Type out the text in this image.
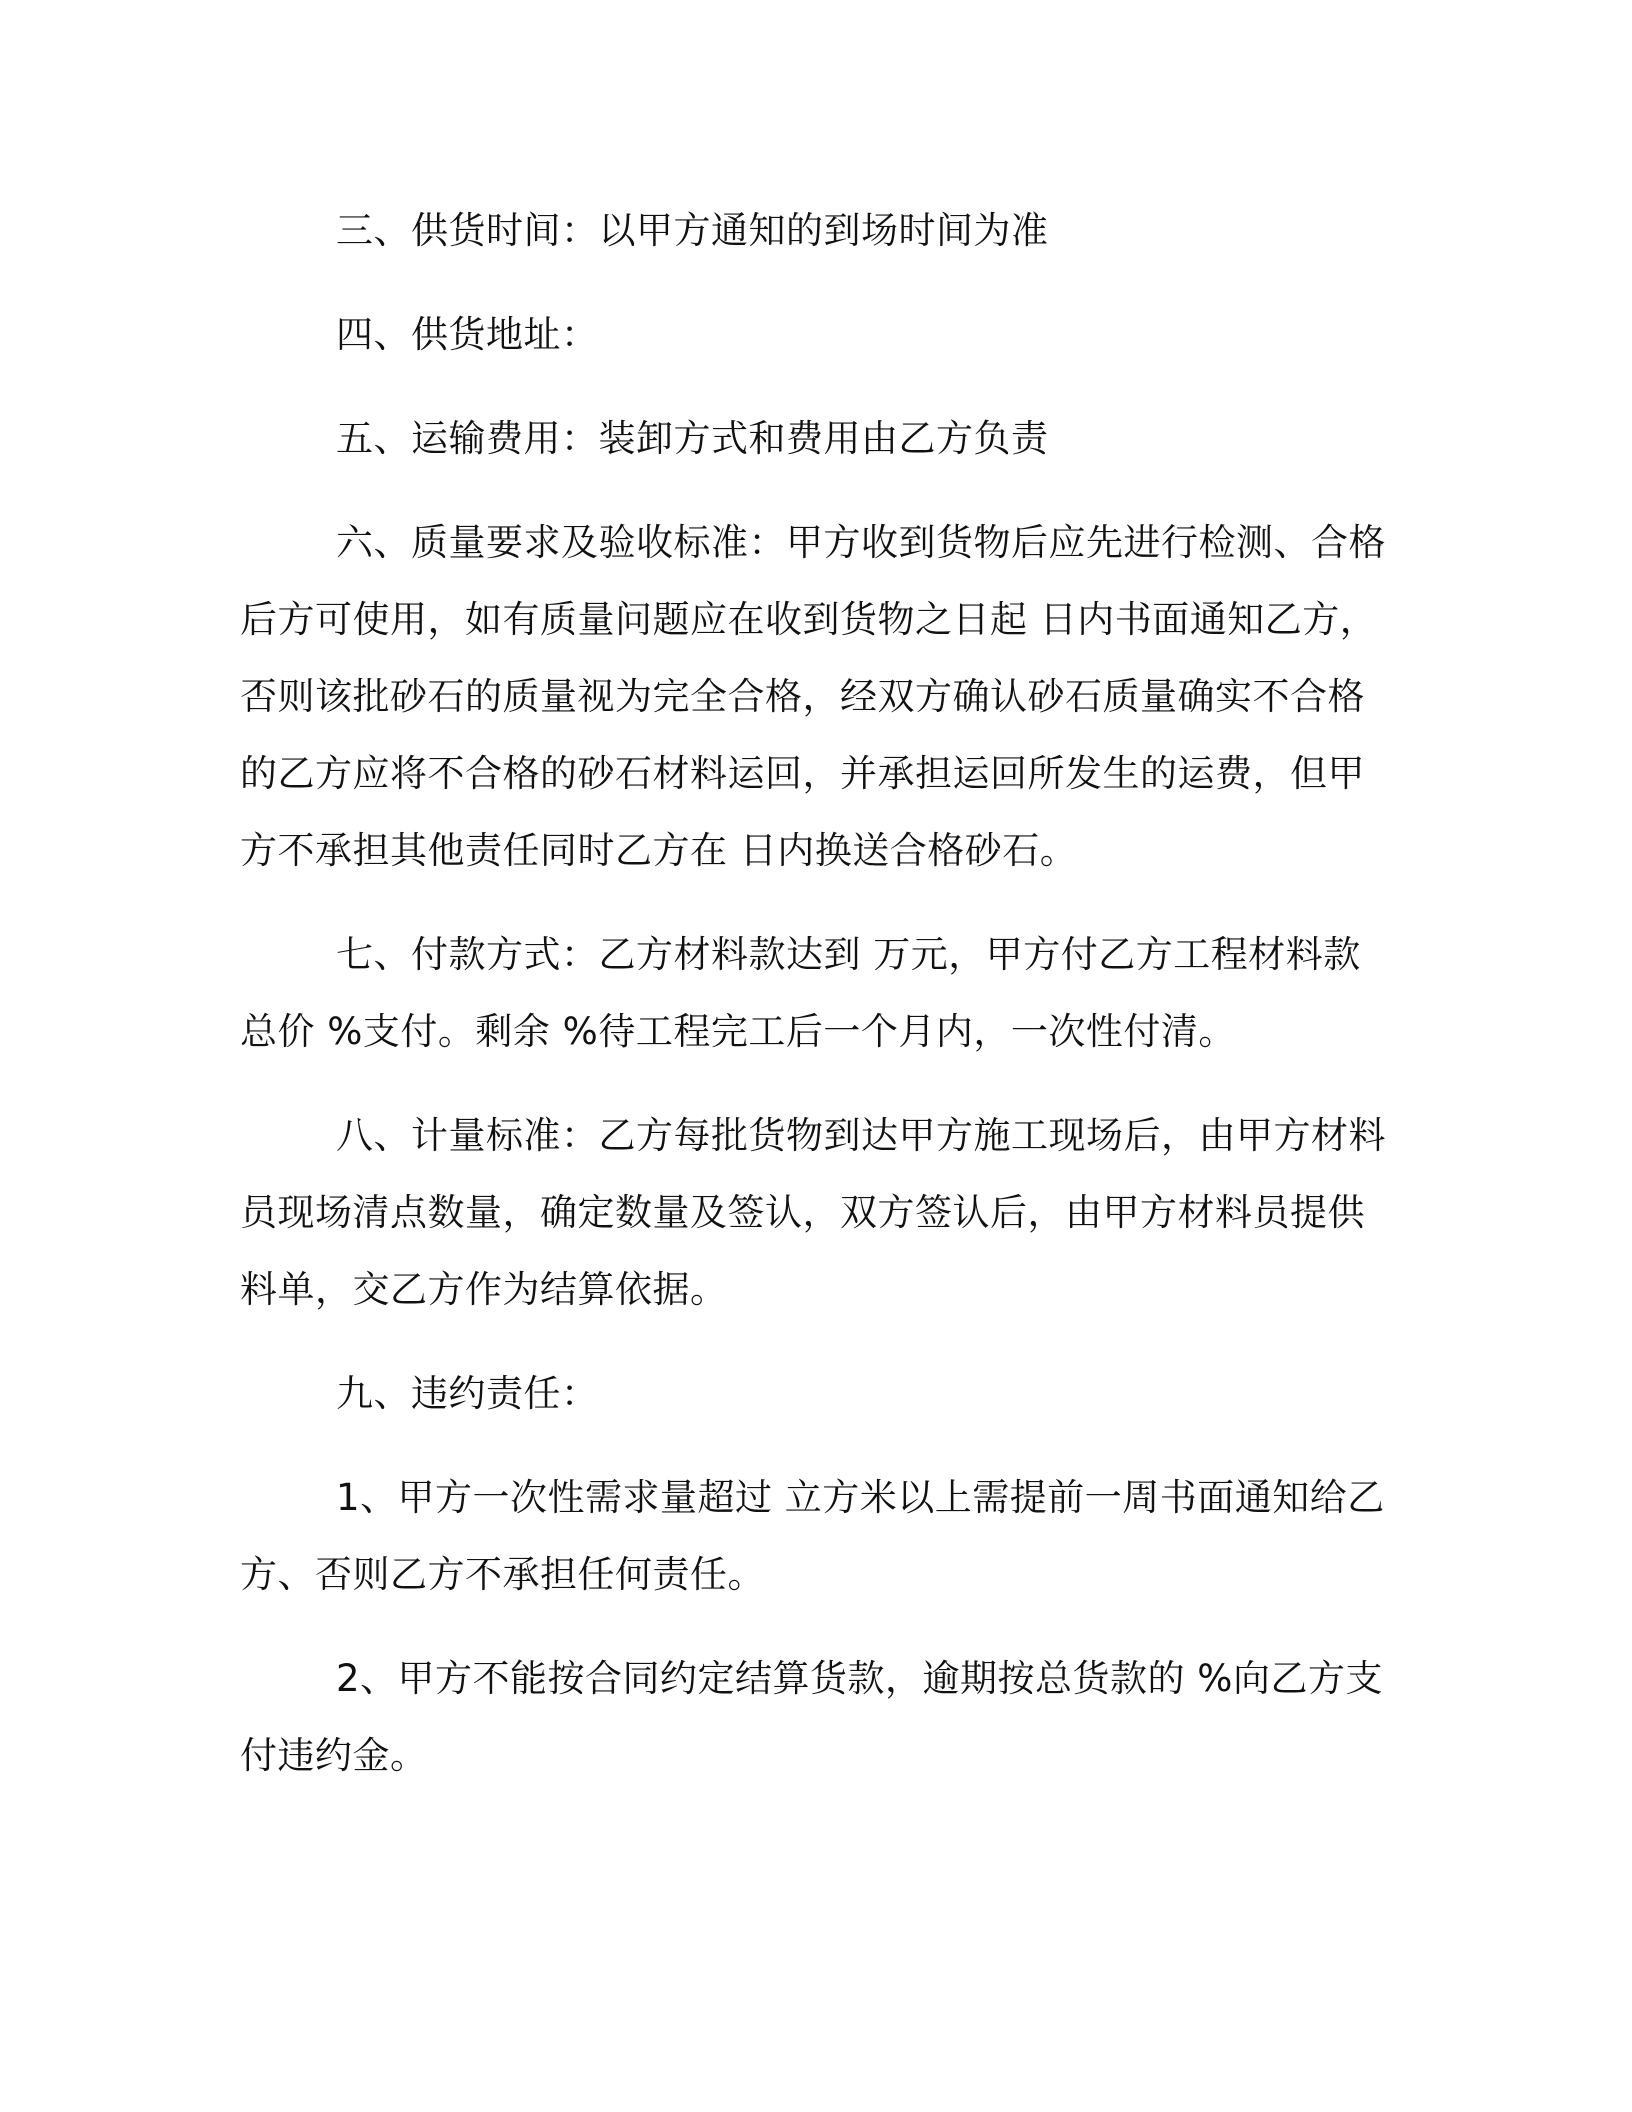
三、供货时间：以甲方通知的到场时间为准

四、供货地址：

五、运输费用：装卸方式和费用由乙方负责

六、质量要求及验收标准：甲方收到货物后应先进行检测、合格后方可使用，如有质量问题应在收到货物之日起 日内书面通知乙方，否则该批砂石的质量视为完全合格，经双方确认砂石质量确实不合格的乙方应将不合格的砂石材料运回，并承担运回所发生的运费，但甲方不承担其他责任同时乙方在 日内换送合格砂石。

七、付款方式：乙方材料款达到 万元，甲方付乙方工程材料款总价 %支付。剩余 %待工程完工后一个月内，一次性付清。

八、计量标准：乙方每批货物到达甲方施工现场后，由甲方材料员现场清点数量，确定数量及签认，双方签认后，由甲方材料员提供料单，交乙方作为结算依据。

九、违约责任：

1、甲方一次性需求量超过 立方米以上需提前一周书面通知给乙方、否则乙方不承担任何责任。

2、甲方不能按合同约定结算货款，逾期按总货款的 %向乙方支付违约金。
